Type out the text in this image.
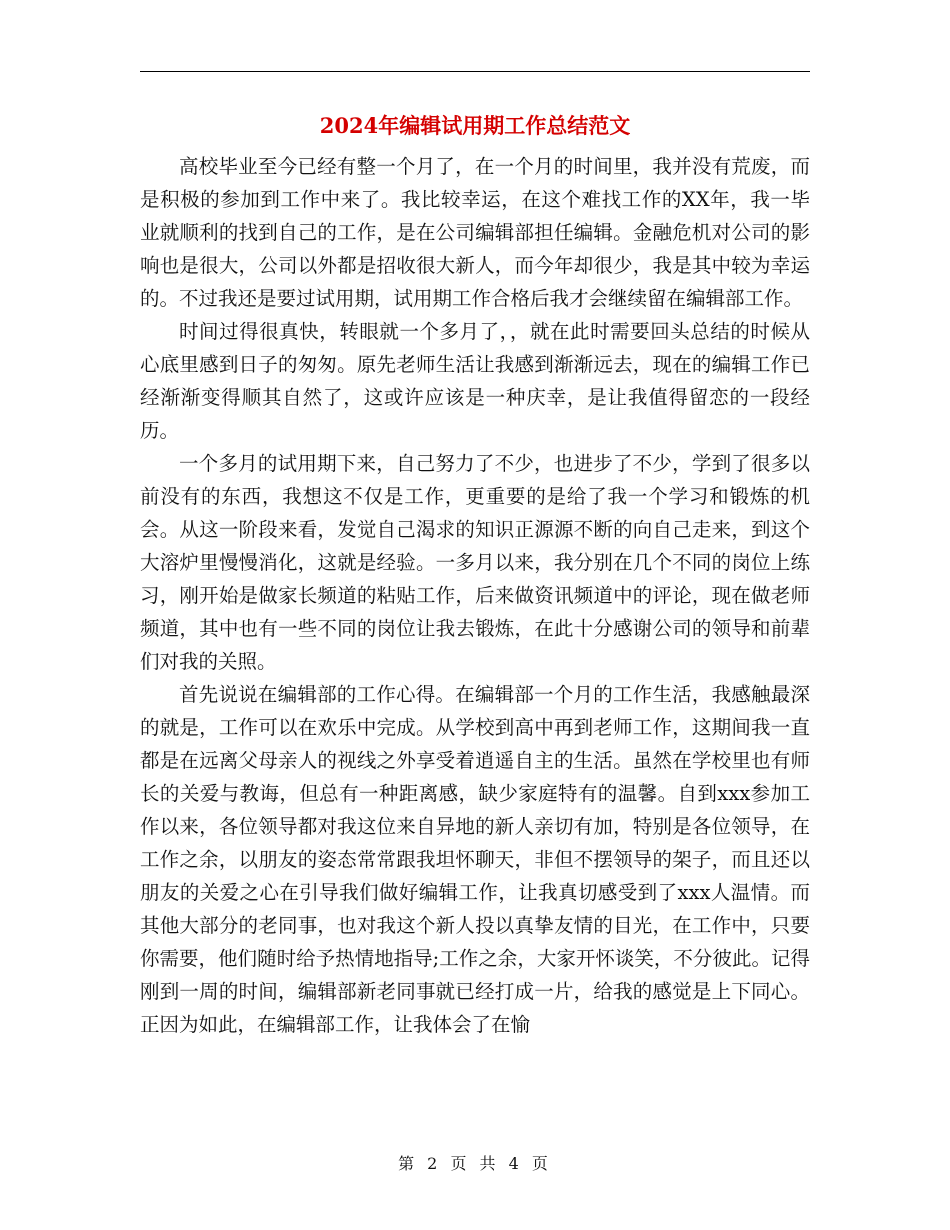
2024年编辑试用期工作总结范文

高校毕业至今已经有整一个月了，在一个月的时间里，我并没有荒废，而是积极的参加到工作中来了。我比较幸运，在这个难找工作的XX年，我一毕业就顺利的找到自己的工作，是在公司编辑部担任编辑。金融危机对公司的影响也是很大，公司以外都是招收很大新人，而今年却很少，我是其中较为幸运的。不过我还是要过试用期，试用期工作合格后我才会继续留在编辑部工作。

时间过得很真快，转眼就一个多月了，，就在此时需要回头总结的时候从心底里感到日子的匆匆。原先老师生活让我感到渐渐远去，现在的编辑工作已经渐渐变得顺其自然了，这或许应该是一种庆幸，是让我值得留恋的一段经历。

一个多月的试用期下来，自己努力了不少，也进步了不少，学到了很多以前没有的东西，我想这不仅是工作，更重要的是给了我一个学习和锻炼的机会。从这一阶段来看，发觉自己渴求的知识正源源不断的向自己走来，到这个大溶炉里慢慢消化，这就是经验。一多月以来，我分别在几个不同的岗位上练习，刚开始是做家长频道的粘贴工作，后来做资讯频道中的评论，现在做老师频道，其中也有一些不同的岗位让我去锻炼，在此十分感谢公司的领导和前辈们对我的关照。

首先说说在编辑部的工作心得。在编辑部一个月的工作生活，我感触最深的就是，工作可以在欢乐中完成。从学校到高中再到老师工作，这期间我一直都是在远离父母亲人的视线之外享受着逍遥自主的生活。虽然在学校里也有师长的关爱与教诲，但总有一种距离感，缺少家庭特有的温馨。自到xxx参加工作以来，各位领导都对我这位来自异地的新人亲切有加，特别是各位领导，在工作之余，以朋友的姿态常常跟我坦怀聊天，非但不摆领导的架子，而且还以朋友的关爱之心在引导我们做好编辑工作，让我真切感受到了xxx人温情。而其他大部分的老同事，也对我这个新人投以真挚友情的目光，在工作中，只要你需要，他们随时给予热情地指导;工作之余，大家开怀谈笑，不分彼此。记得刚到一周的时间，编辑部新老同事就已经打成一片，给我的感觉是上下同心。正因为如此，在编辑部工作，让我体会了在愉

第 2 页 共 4 页
